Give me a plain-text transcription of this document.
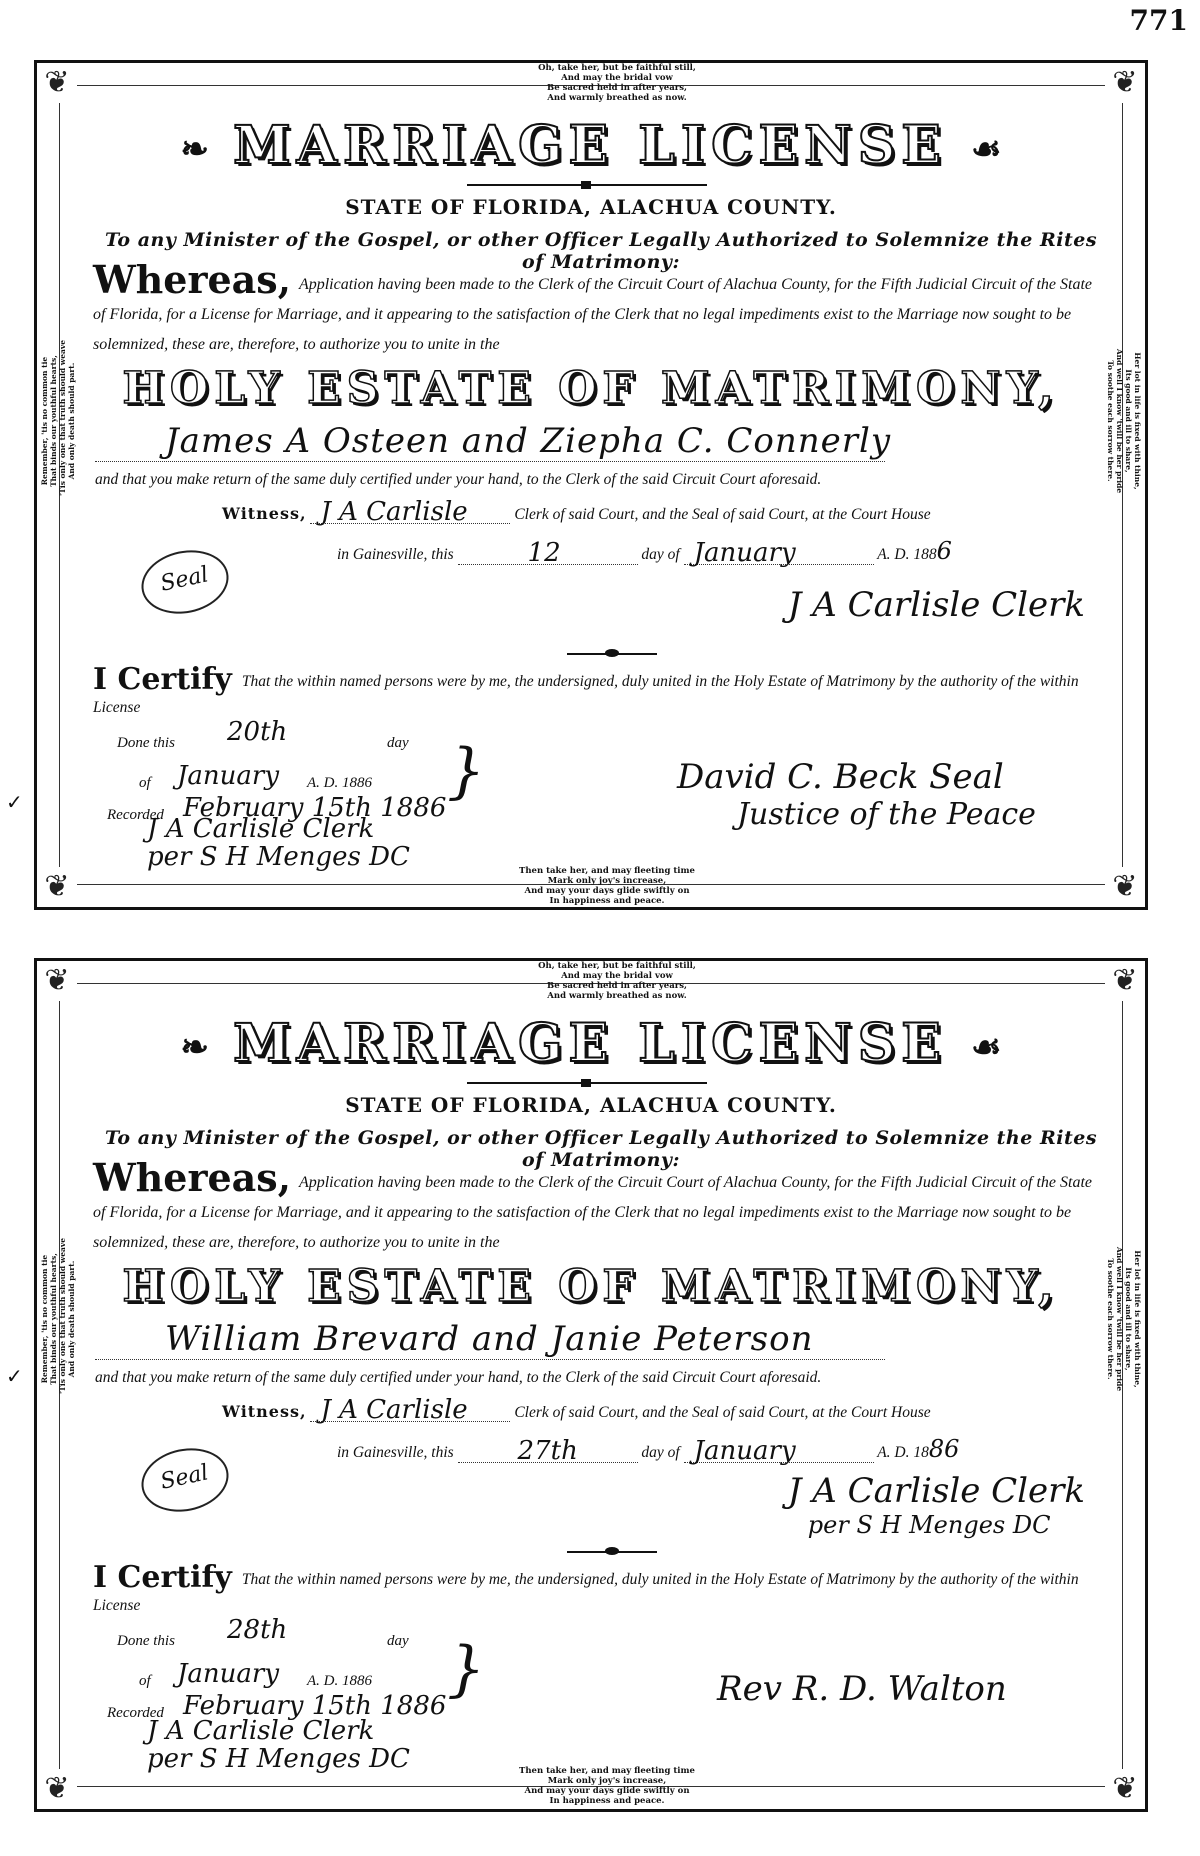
771
✓
✓
❦	❦
❦	❦
Oh, take her, but be faithful still,
And may the bridal vow
Be sacred held in after years,
And warmly breathed as now.
Remember, 'tis no common tie That binds our youthful hearts, 'Tis only one that truth should weave And only death should part.	Her lot in life is fixed with thine,
Its good and ill to share,
And well I know 'twill be her pride
To soothe each sorrow there.
❧ MARRIAGE LICENSE ☙
STATE OF FLORIDA, ALACHUA COUNTY.
To any Minister of the Gospel, or other Officer Legally Authorized to Solemnize the Rites of Matrimony:
Whereas, Application having been made to the Clerk of the Circuit Court of Alachua County, for the Fifth Judicial Circuit of the State of Florida, for a License for Marriage, and it appearing to the satisfaction of the Clerk that no legal impediments exist to the Marriage now sought to be solemnized, these are, therefore, to authorize you to unite in the
HOLY ESTATE OF MATRIMONY,
James A Osteen and Ziepha C. Connerly
and that you make return of the same duly certified under your hand, to the Clerk of the said Circuit Court aforesaid.
Witness, J A Carlisle	Clerk of said Court, and the Seal of said Court, at the Court House
in Gainesville, this	12	day of January	A. D. 1886
Seal
J A Carlisle Clerk
I Certify That the within named persons were by me, the undersigned, duly united in the Holy Estate of Matrimony by the authority of the within License
Done this 20th	day
of January A. D. 1886
Recorded February 15th 1886
}	David C. Beck Seal
Justice of the Peace
J A Carlisle Clerk
per S H Menges DC	Then take her, and may fleeting time
Mark only joy's increase,
And may your days glide swiftly on
In happiness and peace.
❦	❦
❦	❦
Oh, take her, but be faithful still,
And may the bridal vow
Be sacred held in after years,
And warmly breathed as now.
Remember, 'tis no common tie That binds our youthful hearts, 'Tis only one that truth should weave And only death should part.	Her lot in life is fixed with thine,
Its good and ill to share,
And well I know 'twill be her pride
To soothe each sorrow there.
❧ MARRIAGE LICENSE ☙
STATE OF FLORIDA, ALACHUA COUNTY.
To any Minister of the Gospel, or other Officer Legally Authorized to Solemnize the Rites of Matrimony:
Whereas, Application having been made to the Clerk of the Circuit Court of Alachua County, for the Fifth Judicial Circuit of the State of Florida, for a License for Marriage, and it appearing to the satisfaction of the Clerk that no legal impediments exist to the Marriage now sought to be solemnized, these are, therefore, to authorize you to unite in the
HOLY ESTATE OF MATRIMONY,
William Brevard and Janie Peterson
and that you make return of the same duly certified under your hand, to the Clerk of the said Circuit Court aforesaid.
Witness, J A Carlisle	Clerk of said Court, and the Seal of said Court, at the Court House
in Gainesville, this 27th	day of January	A. D. 1886
Seal	J A Carlisle Clerk
per S H Menges DC
I Certify That the within named persons were by me, the undersigned, duly united in the Holy Estate of Matrimony by the authority of the within License
Done this 28th	day
of January A. D. 1886
Recorded February 15th 1886
}	Rev R. D. Walton
J A Carlisle Clerk
per S H Menges DC	Then take her, and may fleeting time
Mark only joy's increase,
And may your days glide swiftly on
In happiness and peace.
